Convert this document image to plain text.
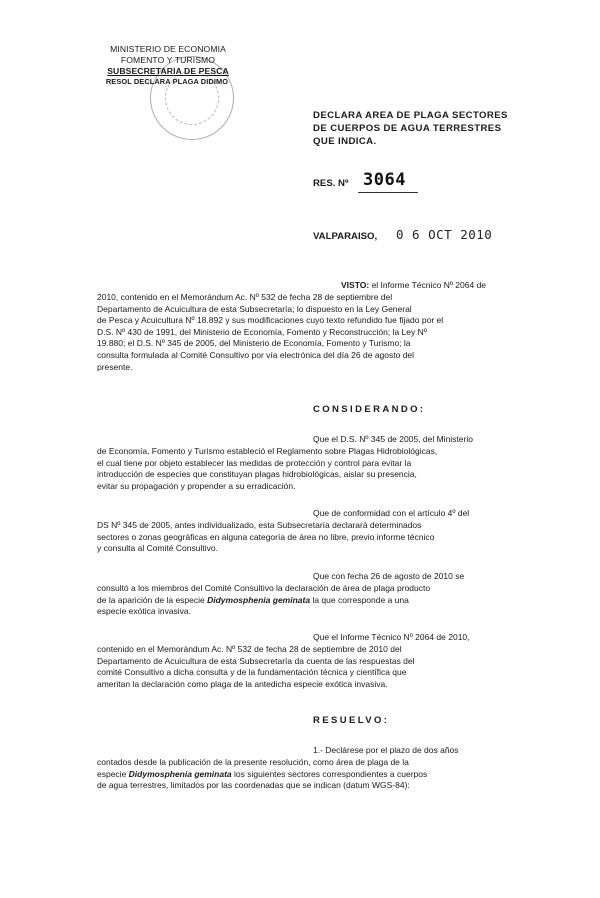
MINISTERIO DE ECONOMIA
FOMENTO Y TURISMO
SUBSECRETARIA DE PESCA
RESOL DECLARA PLAGA DIDIMO
DECLARA AREA DE PLAGA SECTORES
DE CUERPOS DE AGUA TERRESTRES
QUE INDICA.
RES. Nº 3064
VALPARAISO, 0 6 OCT 2010
VISTO: el Informe Técnico Nº 2064 de
2010, contenido en el Memorándum Ac. Nº 532 de fecha 28 de septiembre del
Departamento de Acuicultura de esta Subsecretaría; lo dispuesto en la Ley General
de Pesca y Acuicultura Nº 18.892 y sus modificaciones cuyo texto refundido fue fijado por el
D.S. Nº 430 de 1991, del Ministerio de Economía, Fomento y Reconstrucción; la Ley Nº
19.880; el D.S. Nº 345 de 2005, del Ministerio de Economía, Fomento y Turismo; la
consulta formulada al Comité Consultivo por vía electrónica del día 26 de agosto del
presente.
CONSIDERANDO:
Que el D.S. Nº 345 de 2005, del Ministerio
de Economía, Fomento y Turismo estableció el Reglamento sobre Plagas Hidrobiológicas,
el cual tiene por objeto establecer las medidas de protección y control para evitar la
introducción de especies que constituyan plagas hidrobiológicas, aislar su presencia,
evitar su propagación y propender a su erradicación.
Que de conformidad con el artículo 4º del
DS Nº 345 de 2005, antes individualizado, esta Subsecretaría declarará determinados
sectores o zonas geográficas en alguna categoría de área no libre, previo informe técnico
y consulta al Comité Consultivo.
Que con fecha 26 de agosto de 2010 se
consultó a los miembros del Comité Consultivo la declaración de área de plaga producto
de la aparición de la especie Didymosphenia geminata la que corresponde a una
especie exótica invasiva.
Que el Informe Técnico Nº 2064 de 2010,
contenido en el Memorándum Ac. Nº 532 de fecha 28 de septiembre de 2010 del
Departamento de Acuicultura de esta Subsecretaría da cuenta de las respuestas del
comité Consultivo a dicha consulta y de la fundamentación técnica y científica que
ameritan la declaración como plaga de la antedicha especie exótica invasiva.
RESUELVO:
1.- Declárese por el plazo de dos años
contados desde la publicación de la presente resolución, como área de plaga de la
especie Didymosphenia geminata los siguientes sectores correspondientes a cuerpos
de agua terrestres, limitados por las coordenadas que se indican (datum WGS-84):
